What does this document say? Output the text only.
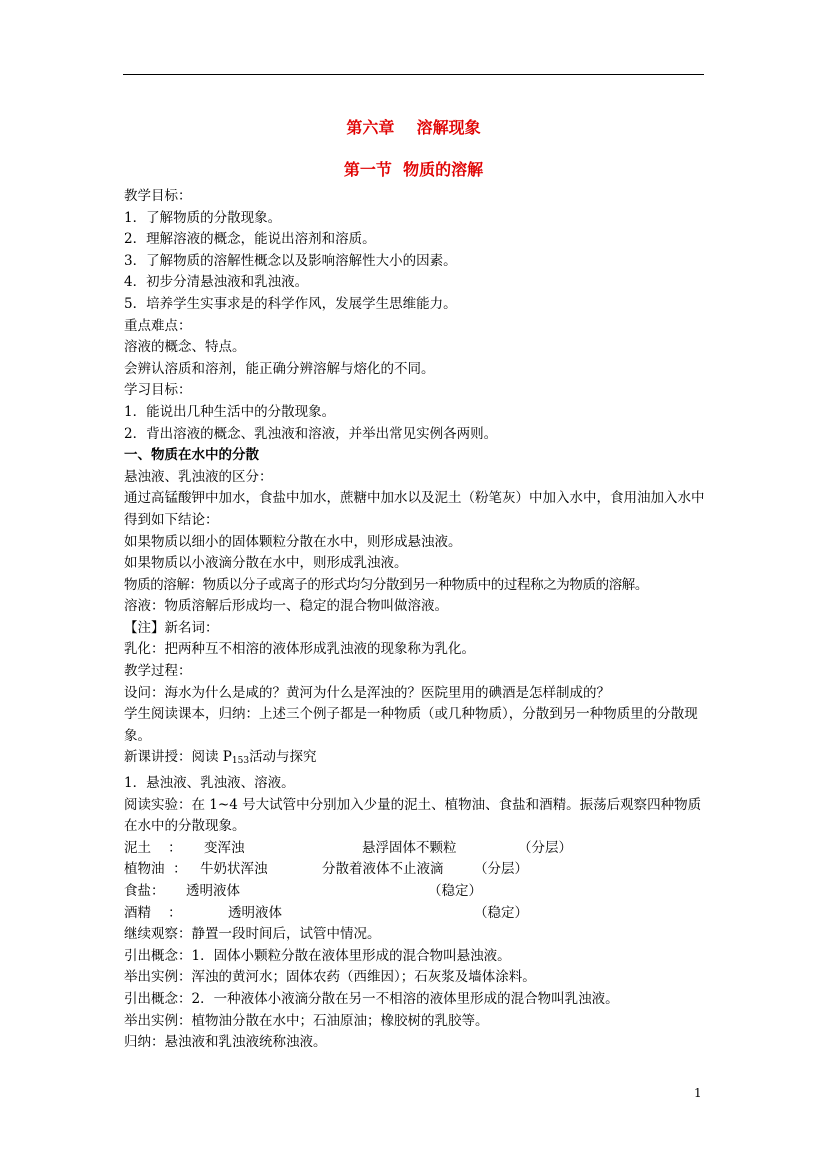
第六章    溶解现象
第一节  物质的溶解
教学目标：
1．了解物质的分散现象。
2．理解溶液的概念，能说出溶剂和溶质。
3．了解物质的溶解性概念以及影响溶解性大小的因素。
4．初步分清悬浊液和乳浊液。
5．培养学生实事求是的科学作风，发展学生思维能力。
重点难点：
溶液的概念、特点。
会辨认溶质和溶剂，能正确分辨溶解与熔化的不同。
学习目标：
1．能说出几种生活中的分散现象。
2．背出溶液的概念、乳浊液和溶液，并举出常见实例各两则。
一、物质在水中的分散
悬浊液、乳浊液的区分：
通过高锰酸钾中加水，食盐中加水，蔗糖中加水以及泥土（粉笔灰）中加入水中，食用油加入水中得到如下结论：
如果物质以细小的固体颗粒分散在水中，则形成悬浊液。
如果物质以小液滴分散在水中，则形成乳浊液。
物质的溶解：物质以分子或离子的形式均匀分散到另一种物质中的过程称之为物质的溶解。
溶液：物质溶解后形成均一、稳定的混合物叫做溶液。
【注】新名词：
乳化：把两种互不相溶的液体形成乳浊液的现象称为乳化。
教学过程：
设问：海水为什么是咸的？黄河为什么是浑浊的？医院里用的碘酒是怎样制成的？
学生阅读课本，归纳：上述三个例子都是一种物质（或几种物质），分散到另一种物质里的分散现象。
新课讲授：阅读 $P_{153}$活动与探究
1．悬浊液、乳浊液、溶液。
阅读实验：在 1~4 号大试管中分别加入少量的泥土、植物油、食盐和酒精。振荡后观察四种物质在水中的分散现象。
泥土    ： 变浑浊	悬浮固体不颗粒	（分层）
植物油  ： 牛奶状浑浊	分散着液体不止液滴 （分层）
食盐： 透明液体	（稳定）
酒精    ：	透明液体	（稳定）
继续观察：静置一段时间后，试管中情况。
引出概念：1．固体小颗粒分散在液体里形成的混合物叫悬浊液。
举出实例：浑浊的黄河水；固体农药（西维因）；石灰浆及墙体涂料。
引出概念：2．一种液体小液滴分散在另一不相溶的液体里形成的混合物叫乳浊液。
举出实例：植物油分散在水中；石油原油；橡胶树的乳胶等。
归纳：悬浊液和乳浊液统称浊液。
1
